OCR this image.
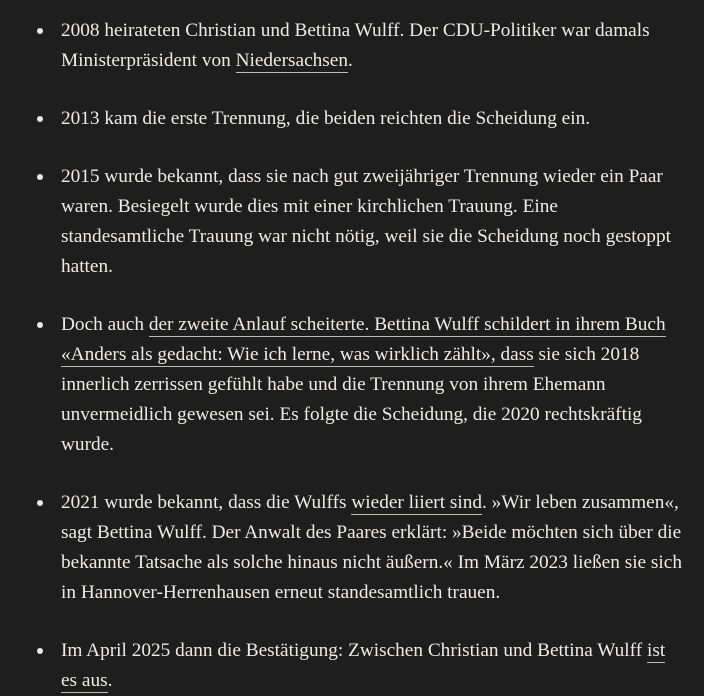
2008 heirateten Christian und Bettina Wulff. Der CDU-Politiker war damals Ministerpräsident von Niedersachsen.
2013 kam die erste Trennung, die beiden reichten die Scheidung ein.
2015 wurde bekannt, dass sie nach gut zweijähriger Trennung wieder ein Paar waren. Besiegelt wurde dies mit einer kirchlichen Trauung. Eine standesamtliche Trauung war nicht nötig, weil sie die Scheidung noch gestoppt hatten.
Doch auch der zweite Anlauf scheiterte. Bettina Wulff schildert in ihrem Buch «Anders als gedacht: Wie ich lerne, was wirklich zählt», dass sie sich 2018 innerlich zerrissen gefühlt habe und die Trennung von ihrem Ehemann unvermeidlich gewesen sei. Es folgte die Scheidung, die 2020 rechtskräftig wurde.
2021 wurde bekannt, dass die Wulffs wieder liiert sind. »Wir leben zusammen«, sagt Bettina Wulff. Der Anwalt des Paares erklärt: »Beide möchten sich über die bekannte Tatsache als solche hinaus nicht äußern.« Im März 2023 ließen sie sich in Hannover-Herrenhausen erneut standesamtlich trauen.
Im April 2025 dann die Bestätigung: Zwischen Christian und Bettina Wulff ist es aus.
